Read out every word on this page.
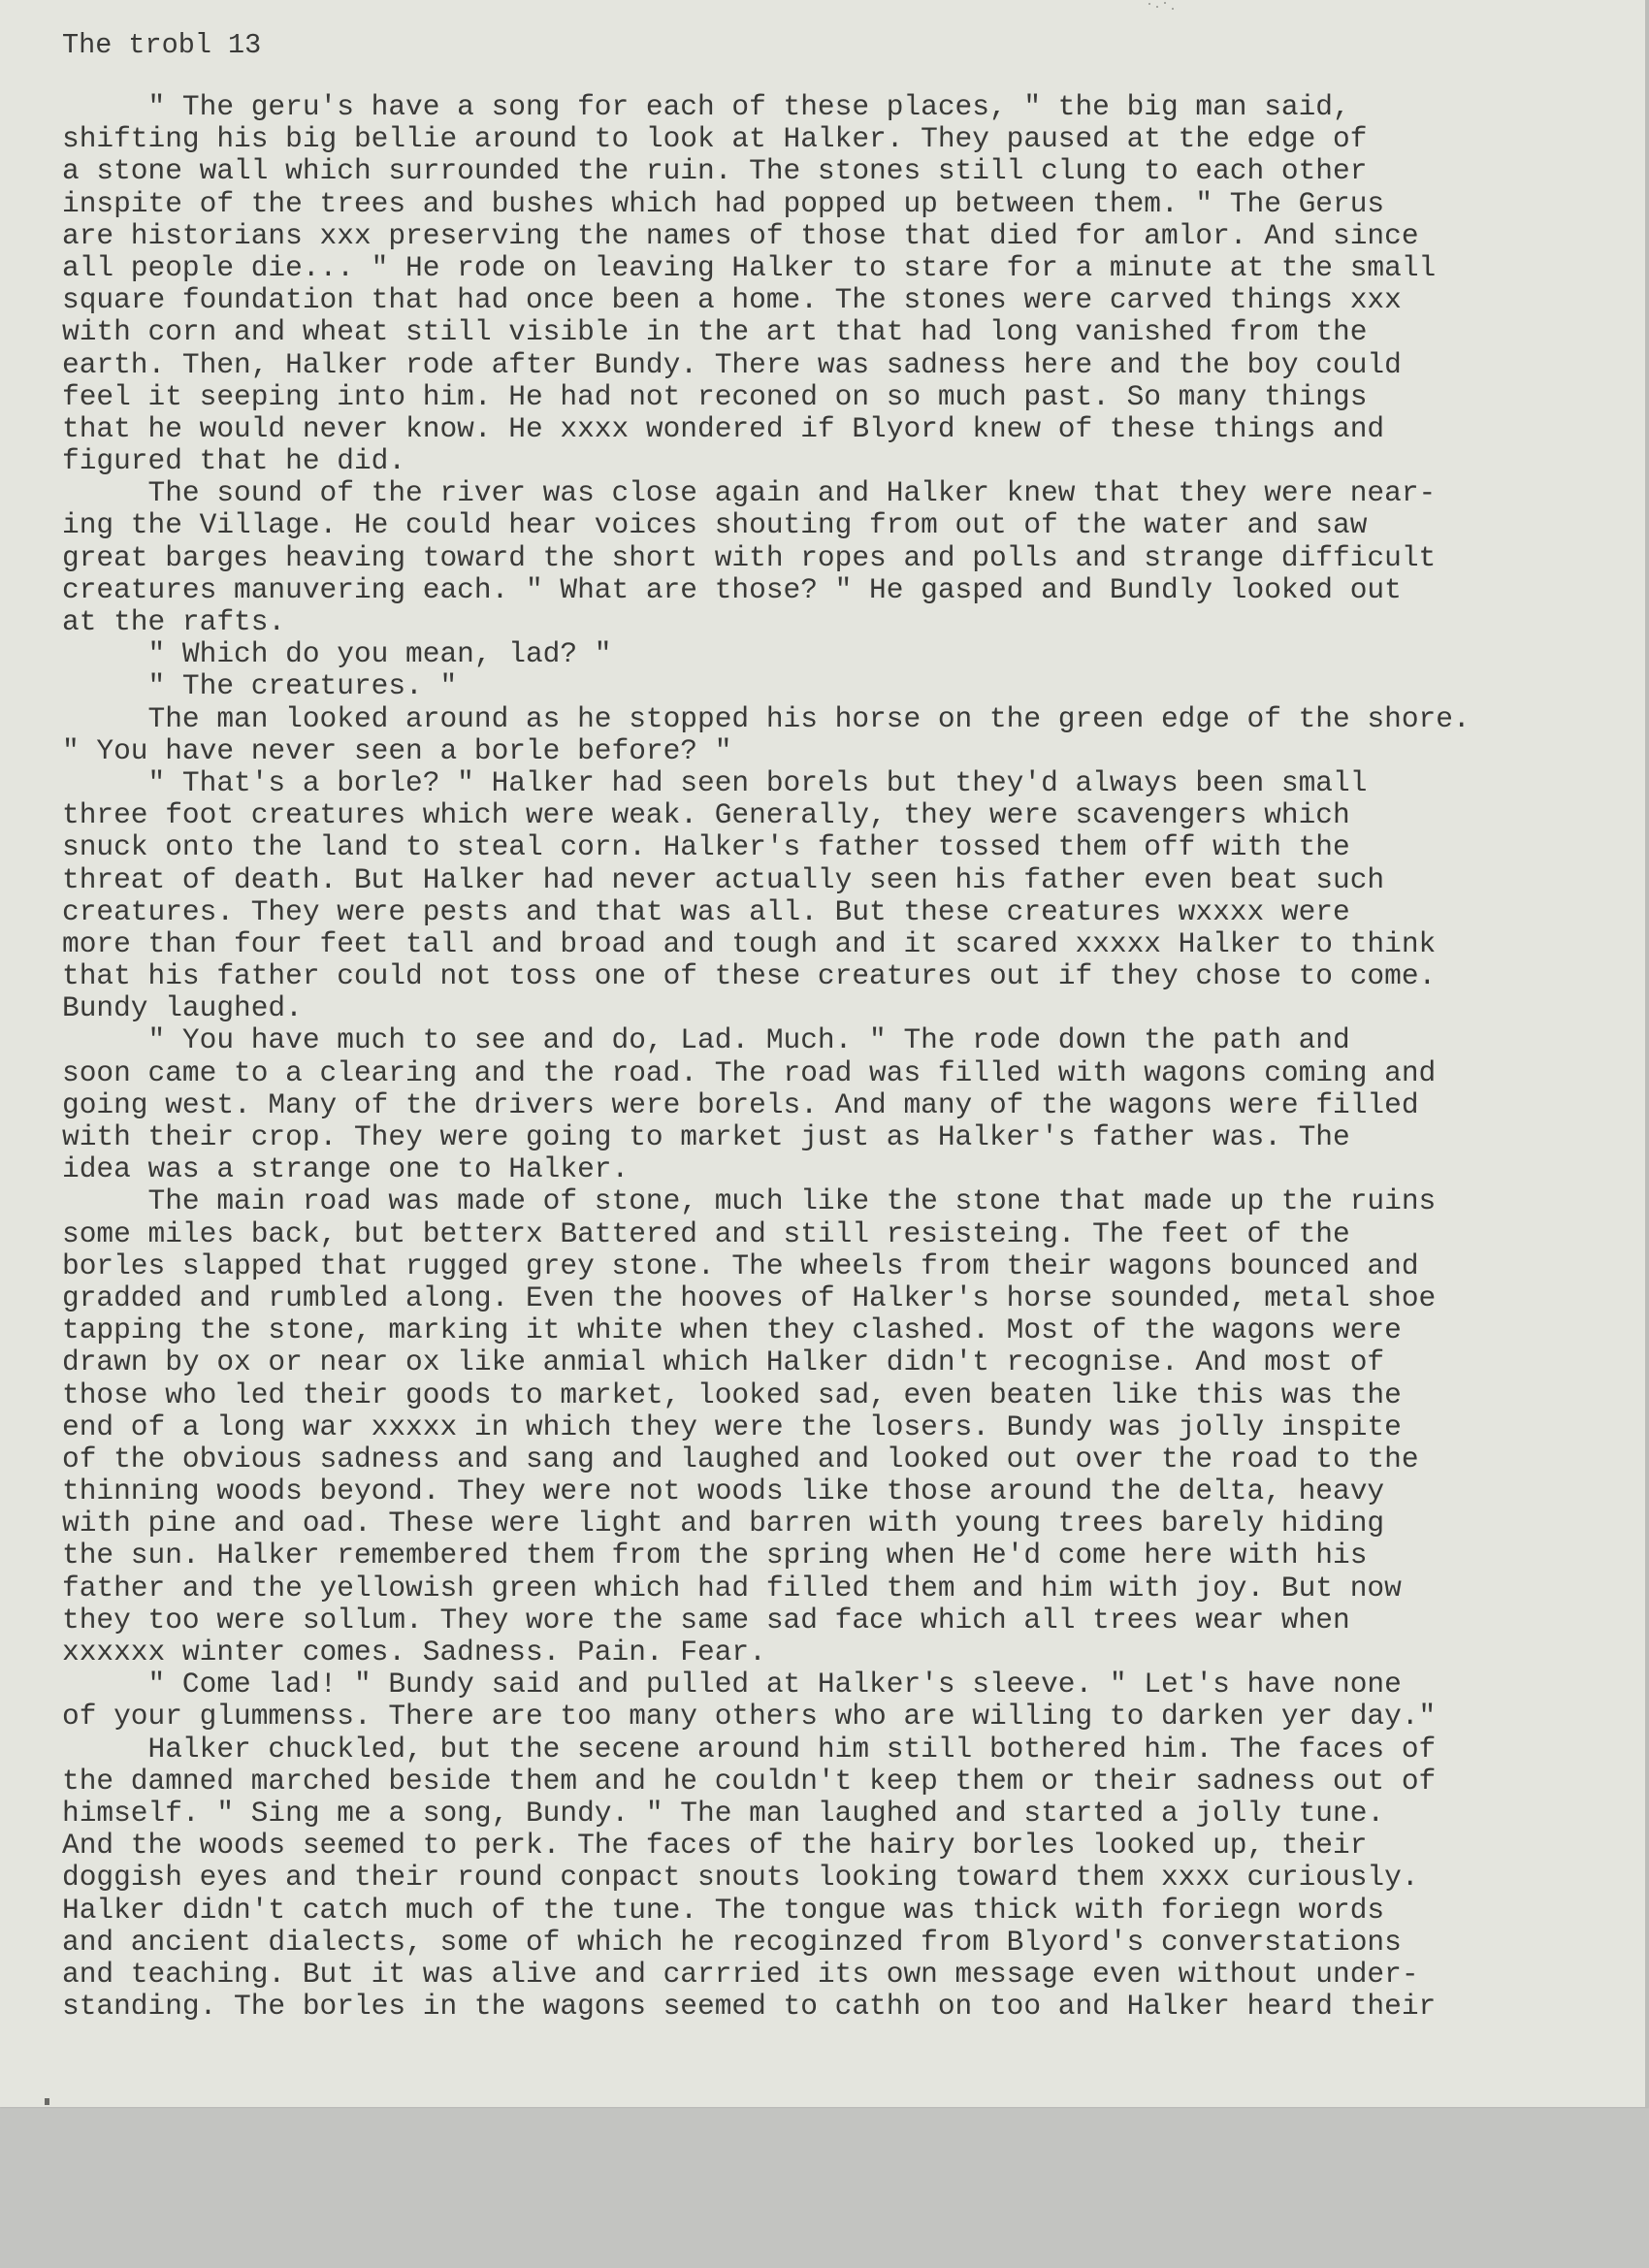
The trobl 13
" The geru's have a song for each of these places, " the big man said,
shifting his big bellie around to look at Halker. They paused at the edge of
a stone wall which surrounded the ruin. The stones still clung to each other
inspite of the trees and bushes which had popped up between them. " The Gerus
are historians xxx preserving the names of those that died for amlor. And since
all people die... " He rode on leaving Halker to stare for a minute at the small
square foundation that had once been a home. The stones were carved things xxx
with corn and wheat still visible in the art that had long vanished from the
earth. Then, Halker rode after Bundy. There was sadness here and the boy could
feel it seeping into him. He had not reconed on so much past. So many things
that he would never know. He xxxx wondered if Blyord knew of these things and
figured that he did.
The sound of the river was close again and Halker knew that they were near-
ing the Village. He could hear voices shouting from out of the water and saw
great barges heaving toward the short with ropes and polls and strange difficult
creatures manuvering each. " What are those? " He gasped and Bundly looked out
at the rafts.
" Which do you mean, lad? "
" The creatures. "
The man looked around as he stopped his horse on the green edge of the shore.
" You have never seen a borle before? "
" That's a borle? " Halker had seen borels but they'd always been small
three foot creatures which were weak. Generally, they were scavengers which
snuck onto the land to steal corn. Halker's father tossed them off with the
threat of death. But Halker had never actually seen his father even beat such
creatures. They were pests and that was all. But these creatures wxxxx were
more than four feet tall and broad and tough and it scared xxxxx Halker to think
that his father could not toss one of these creatures out if they chose to come.
Bundy laughed.
" You have much to see and do, Lad. Much. " The rode down the path and
soon came to a clearing and the road. The road was filled with wagons coming and
going west. Many of the drivers were borels. And many of the wagons were filled
with their crop. They were going to market just as Halker's father was. The
idea was a strange one to Halker.
The main road was made of stone, much like the stone that made up the ruins
some miles back, but betterx Battered and still resisteing. The feet of the
borles slapped that rugged grey stone. The wheels from their wagons bounced and
gradded and rumbled along. Even the hooves of Halker's horse sounded, metal shoe
tapping the stone, marking it white when they clashed. Most of the wagons were
drawn by ox or near ox like anmial which Halker didn't recognise. And most of
those who led their goods to market, looked sad, even beaten like this was the
end of a long war xxxxx in which they were the losers. Bundy was jolly inspite
of the obvious sadness and sang and laughed and looked out over the road to the
thinning woods beyond. They were not woods like those around the delta, heavy
with pine and oad. These were light and barren with young trees barely hiding
the sun. Halker remembered them from the spring when He'd come here with his
father and the yellowish green which had filled them and him with joy. But now
they too were sollum. They wore the same sad face which all trees wear when
xxxxxx winter comes. Sadness. Pain. Fear.
" Come lad! " Bundy said and pulled at Halker's sleeve. " Let's have none
of your glummenss. There are too many others who are willing to darken yer day."
Halker chuckled, but the secene around him still bothered him. The faces of
the damned marched beside them and he couldn't keep them or their sadness out of
himself. " Sing me a song, Bundy. " The man laughed and started a jolly tune.
And the woods seemed to perk. The faces of the hairy borles looked up, their
doggish eyes and their round conpact snouts looking toward them xxxx curiously.
Halker didn't catch much of the tune. The tongue was thick with foriegn words
and ancient dialects, some of which he recoginzed from Blyord's converstations
and teaching. But it was alive and carrried its own message even without under-
standing. The borles in the wagons seemed to cathh on too and Halker heard their
